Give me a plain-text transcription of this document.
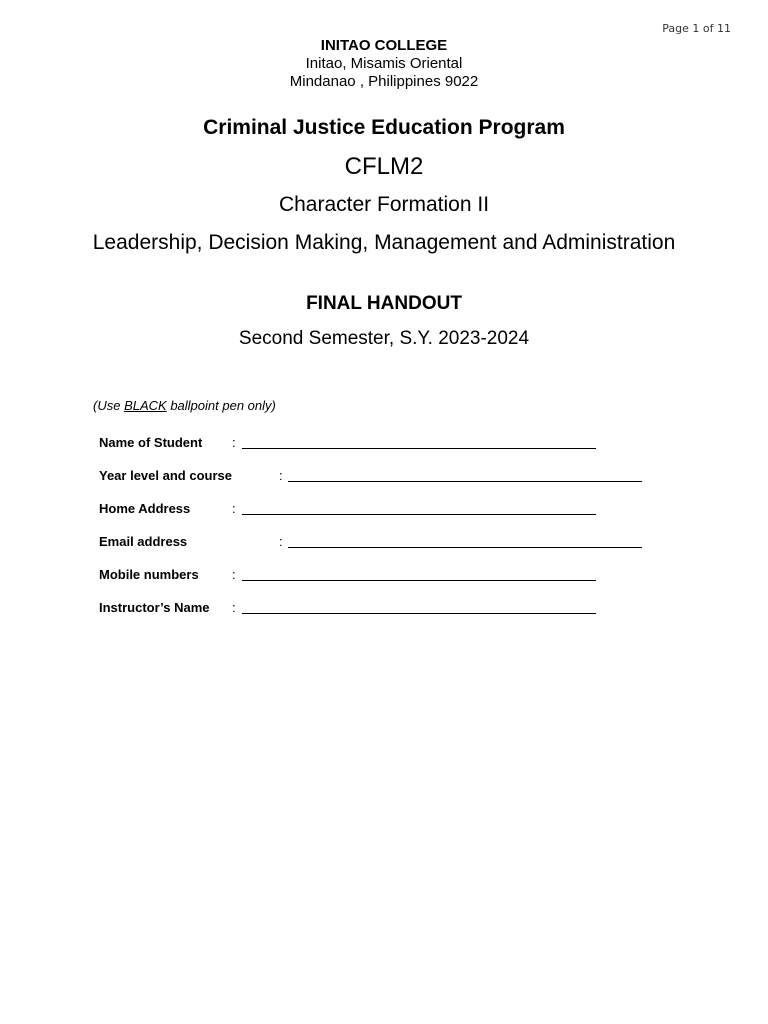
Page 1 of 11
INITAO COLLEGE
Initao, Misamis Oriental
Mindanao , Philippines 9022
Criminal Justice Education Program
CFLM2
Character Formation II
Leadership, Decision Making, Management and Administration
FINAL HANDOUT
Second Semester, S.Y. 2023-2024
(Use BLACK ballpoint pen only)
Name of Student :
Year level and course	:
Home Address	:
Email address	:
Mobile numbers	:
Instructor’s Name :
